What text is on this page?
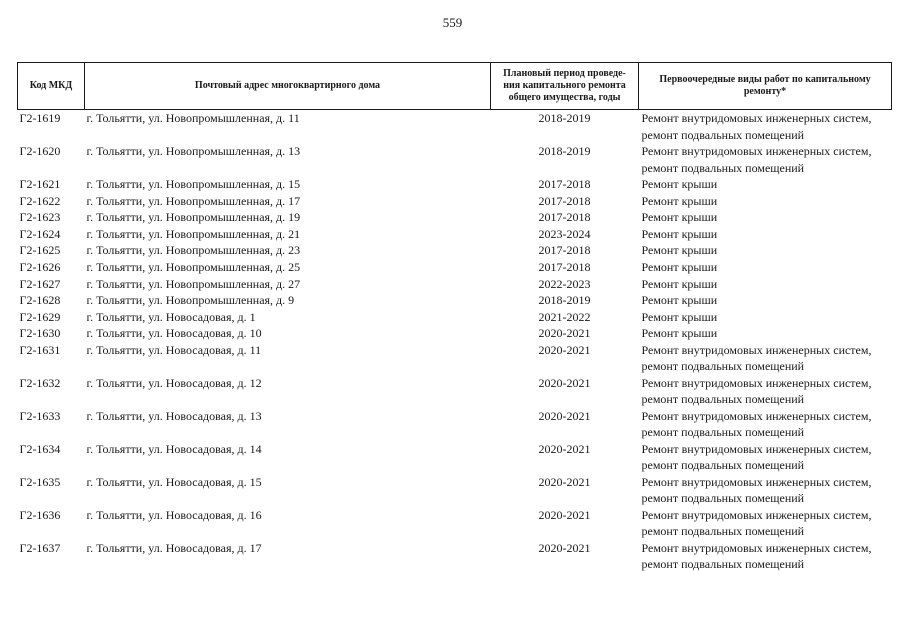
559
Код МКД	Почтовый адрес многоквартирного дома	Плановый период проведе-
ния капитального ремонта
общего имущества, годы	Первоочередные виды работ по капитальному
ремонту*

Г2-1619	г. Тольятти, ул. Новопромышленная, д. 11	2018-2019	Ремонт внутридомовых инженерных систем,
ремонт подвальных помещений

Г2-1620	г. Тольятти, ул. Новопромышленная, д. 13	2018-2019	Ремонт внутридомовых инженерных систем,
ремонт подвальных помещений

Г2-1621	г. Тольятти, ул. Новопромышленная, д. 15	2017-2018	Ремонт крыши

Г2-1622	г. Тольятти, ул. Новопромышленная, д. 17	2017-2018	Ремонт крыши

Г2-1623	г. Тольятти, ул. Новопромышленная, д. 19	2017-2018	Ремонт крыши

Г2-1624	г. Тольятти, ул. Новопромышленная, д. 21	2023-2024	Ремонт крыши

Г2-1625	г. Тольятти, ул. Новопромышленная, д. 23	2017-2018	Ремонт крыши

Г2-1626	г. Тольятти, ул. Новопромышленная, д. 25	2017-2018	Ремонт крыши

Г2-1627	г. Тольятти, ул. Новопромышленная, д. 27	2022-2023	Ремонт крыши

Г2-1628	г. Тольятти, ул. Новопромышленная, д. 9	2018-2019	Ремонт крыши

Г2-1629	г. Тольятти, ул. Новосадовая, д. 1	2021-2022	Ремонт крыши

Г2-1630	г. Тольятти, ул. Новосадовая, д. 10	2020-2021	Ремонт крыши

Г2-1631	г. Тольятти, ул. Новосадовая, д. 11	2020-2021	Ремонт внутридомовых инженерных систем,
ремонт подвальных помещений

Г2-1632	г. Тольятти, ул. Новосадовая, д. 12	2020-2021	Ремонт внутридомовых инженерных систем,
ремонт подвальных помещений

Г2-1633	г. Тольятти, ул. Новосадовая, д. 13	2020-2021	Ремонт внутридомовых инженерных систем,
ремонт подвальных помещений

Г2-1634	г. Тольятти, ул. Новосадовая, д. 14	2020-2021	Ремонт внутридомовых инженерных систем,
ремонт подвальных помещений

Г2-1635	г. Тольятти, ул. Новосадовая, д. 15	2020-2021	Ремонт внутридомовых инженерных систем,
ремонт подвальных помещений

Г2-1636	г. Тольятти, ул. Новосадовая, д. 16	2020-2021	Ремонт внутридомовых инженерных систем,
ремонт подвальных помещений

Г2-1637	г. Тольятти, ул. Новосадовая, д. 17	2020-2021	Ремонт внутридомовых инженерных систем,
ремонт подвальных помещений
